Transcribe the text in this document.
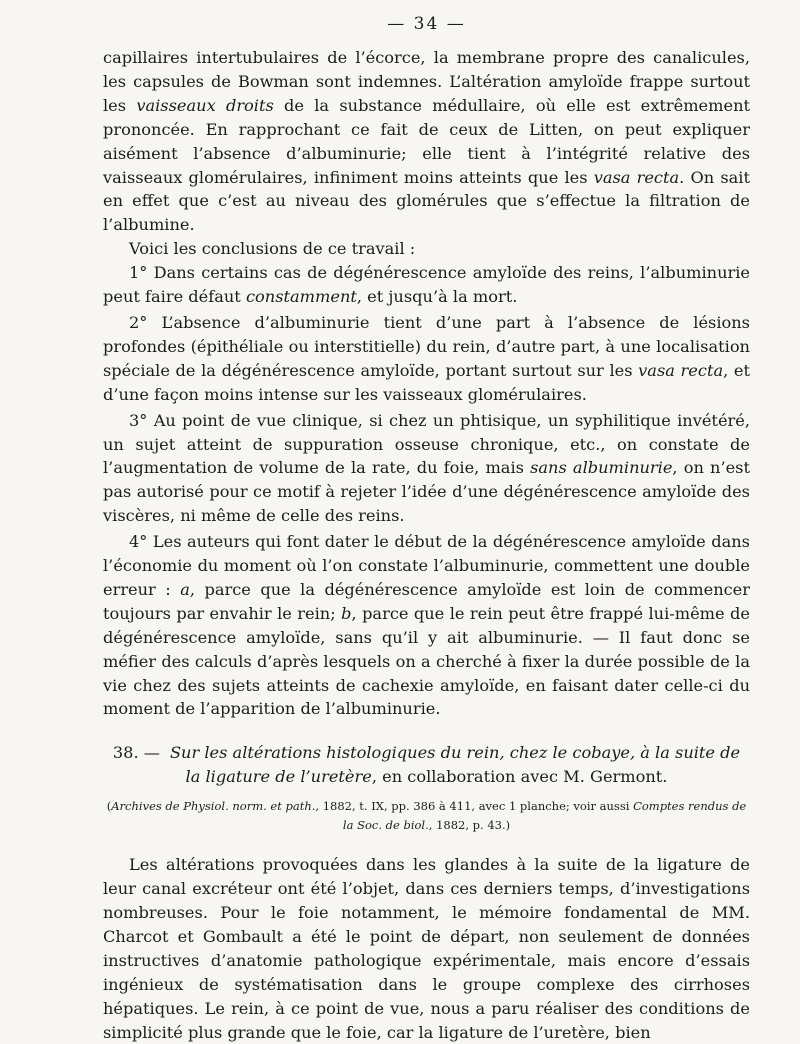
— 34 —

capillaires intertubulaires de l’écorce, la membrane propre des canalicules, les capsules de Bowman sont indemnes. L’altération amyloïde frappe surtout les vaisseaux droits de la substance médullaire, où elle est extrêmement prononcée. En rapprochant ce fait de ceux de Litten, on peut expliquer aisément l’absence d’albuminurie; elle tient à l’intégrité relative des vaisseaux glomérulaires, infiniment moins atteints que les vasa recta. On sait en effet que c’est au niveau des glomérules que s’effectue la filtration de l’albumine.

Voici les conclusions de ce travail :

1° Dans certains cas de dégénérescence amyloïde des reins, l’albuminurie peut faire défaut constamment, et jusqu’à la mort.

2° L’absence d’albuminurie tient d’une part à l’absence de lésions profondes (épithéliale ou interstitielle) du rein, d’autre part, à une localisation spéciale de la dégénérescence amyloïde, portant surtout sur les vasa recta, et d’une façon moins intense sur les vaisseaux glomérulaires.

3° Au point de vue clinique, si chez un phtisique, un syphilitique invétéré, un sujet atteint de suppuration osseuse chronique, etc., on constate de l’augmentation de volume de la rate, du foie, mais sans albuminurie, on n’est pas autorisé pour ce motif à rejeter l’idée d’une dégénérescence amyloïde des viscères, ni même de celle des reins.

4° Les auteurs qui font dater le début de la dégénérescence amyloïde dans l’économie du moment où l’on constate l’albuminurie, commettent une double erreur : a, parce que la dégénérescence amyloïde est loin de commencer toujours par envahir le rein; b, parce que le rein peut être frappé lui-même de dégénérescence amyloïde, sans qu’il y ait albuminurie. — Il faut donc se méfier des calculs d’après lesquels on a cherché à fixer la durée possible de la vie chez des sujets atteints de cachexie amyloïde, en faisant dater celle-ci du moment de l’apparition de l’albuminurie.

38. — Sur les altérations histologiques du rein, chez le cobaye, à la suite de la ligature de l’uretère, en collaboration avec M. Germont.
(Archives de Physiol. norm. et path., 1882, t. IX, pp. 386 à 411, avec 1 planche; voir aussi Comptes rendus de la Soc. de biol., 1882, p. 43.)

Les altérations provoquées dans les glandes à la suite de la ligature de leur canal excréteur ont été l’objet, dans ces derniers temps, d’investigations nombreuses. Pour le foie notamment, le mémoire fondamental de MM. Charcot et Gombault a été le point de départ, non seulement de données instructives d’anatomie pathologique expérimentale, mais encore d’essais ingénieux de systématisation dans le groupe complexe des cirrhoses hépatiques. Le rein, à ce point de vue, nous a paru réaliser des conditions de simplicité plus grande que le foie, car la ligature de l’uretère, bien
